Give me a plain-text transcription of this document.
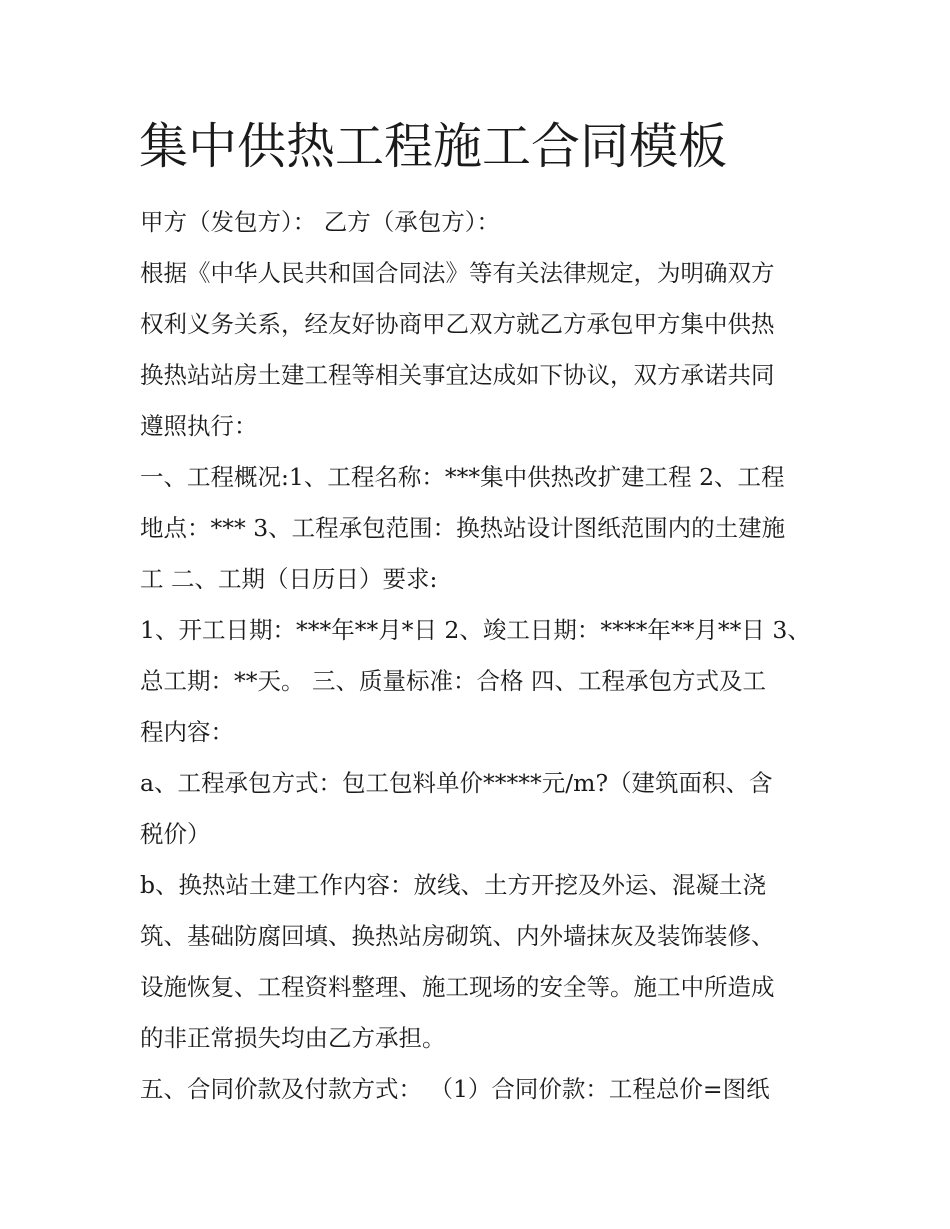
集中供热工程施工合同模板

甲方（发包方）： 乙方（承包方）：

根据《中华人民共和国合同法》等有关法律规定，为明确双方

权利义务关系，经友好协商甲乙双方就乙方承包甲方集中供热

换热站站房土建工程等相关事宜达成如下协议，双方承诺共同

遵照执行：

一、工程概况:1、工程名称：***集中供热改扩建工程 2、工程

地点：*** 3、工程承包范围：换热站设计图纸范围内的土建施

工 二、工期（日历日）要求:

1、开工日期：***年**月*日 2、竣工日期：****年**月**日 3、

总工期：**天。 三、质量标准：合格 四、工程承包方式及工

程内容：

a、工程承包方式：包工包料单价*****元/m?（建筑面积、含

税价）

b、换热站土建工作内容：放线、土方开挖及外运、混凝土浇

筑、基础防腐回填、换热站房砌筑、内外墙抹灰及装饰装修、

设施恢复、工程资料整理、施工现场的安全等。施工中所造成

的非正常损失均由乙方承担。

五、合同价款及付款方式： （1）合同价款：工程总价=图纸
